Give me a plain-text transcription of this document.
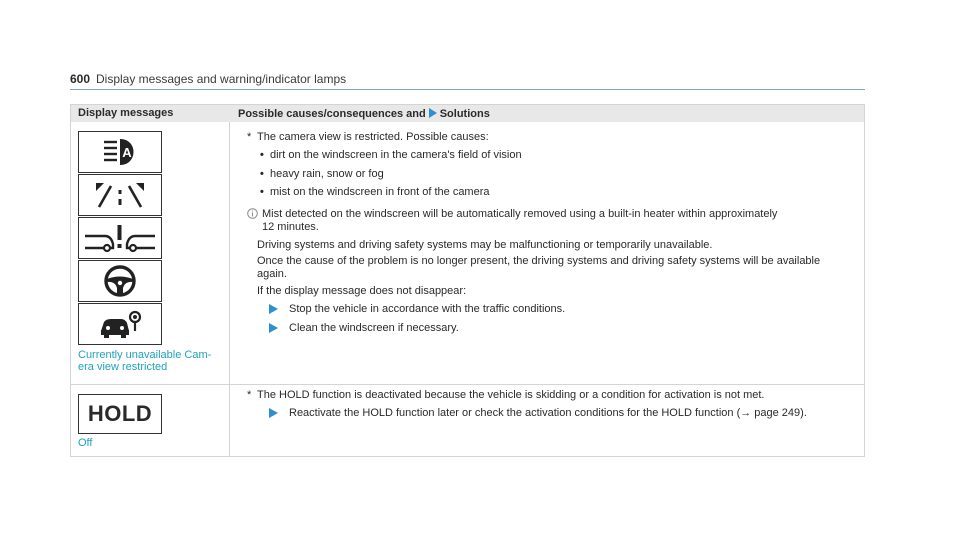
600 Display messages and warning/indicator lamps
Display messages	Possible causes/consequences and Solutions
A
Currently unavailable Cam-
era view restricted
* The camera view is restricted. Possible causes:
• dirt on the windscreen in the camera's field of vision
• heavy rain, snow or fog
• mist on the windscreen in front of the camera
Mist detected on the windscreen will be automatically removed using a built-in heater within approximately
12 minutes.
Driving systems and driving safety systems may be malfunctioning or temporarily unavailable.
Once the cause of the problem is no longer present, the driving systems and driving safety systems will be available
again.
If the display message does not disappear:
Stop the vehicle in accordance with the traffic conditions.
Clean the windscreen if necessary.
HOLD
Off
* The HOLD function is deactivated because the vehicle is skidding or a condition for activation is not met.
Reactivate the HOLD function later or check the activation conditions for the HOLD function (→ page 249).
